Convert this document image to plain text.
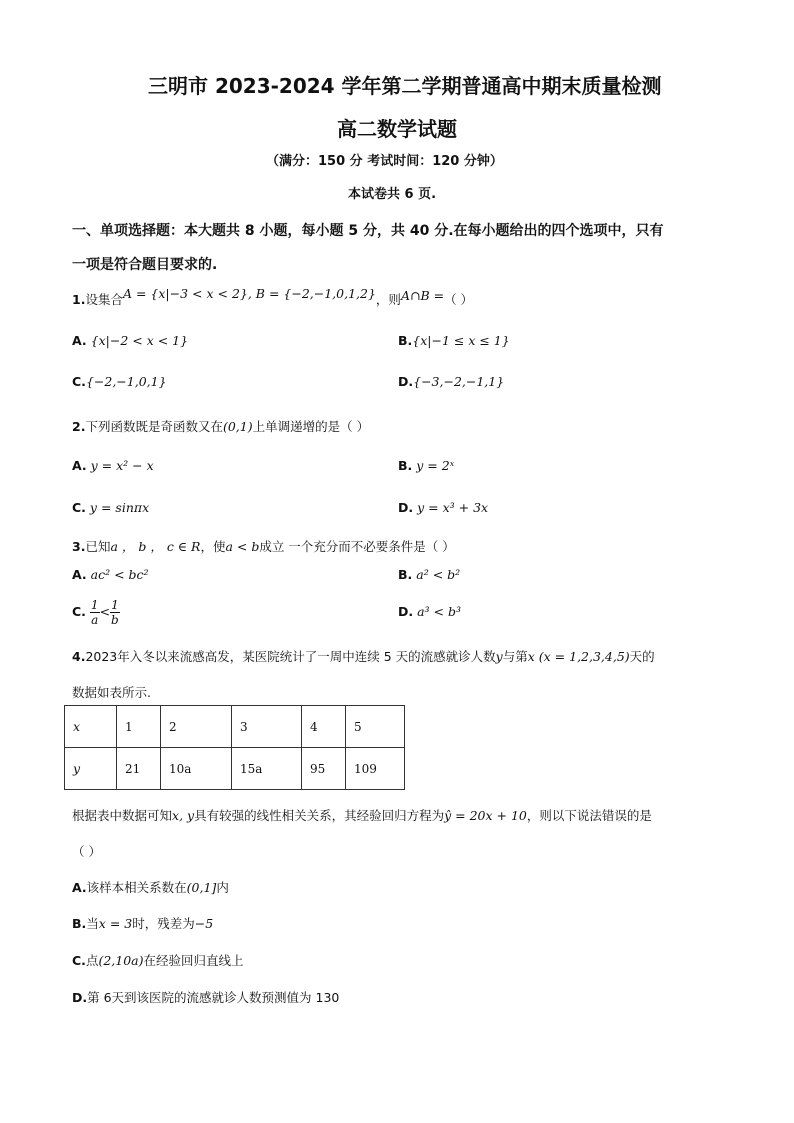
三明市 2023-2024 学年第二学期普通高中期末质量检测
高二数学试题
（满分：150 分 考试时间：120 分钟）
本试卷共 6 页.
一、单项选择题：本大题共 8 小题，每小题 5 分，共 40 分.在每小题给出的四个选项中，只有
一项是符合题目要求的.
1.设集合A = {x|−3 < x < 2}, B = {−2,−1,0,1,2}，则A∩B =（ ）
A. {x|−2 < x < 1}	B.{x|−1 ≤ x ≤ 1}
C.{−2,−1,0,1}	D.{−3,−2,−1,1}
2.下列函数既是奇函数又在(0,1)上单调递增的是（ ）
A. y = x² − x	B. y = 2ˣ
C. y = sinπx	D. y = x³ + 3x
3.已知a ， b ， c ∈ R，使a < b成立 一个充分而不必要条件是（ ）
A. ac² < bc²	B. a² < b²
C. $\frac{1}{a} < \frac{1}{b}$	D. a³ < b³
4.2023年入冬以来流感高发，某医院统计了一周中连续 5 天的流感就诊人数y与第x (x = 1,2,3,4,5)天的
数据如表所示.
x	1	2	3	4	5
y	21	10a	15a	95	109
根据表中数据可知x, y具有较强的线性相关关系，其经验回归方程为ŷ = 20x + 10，则以下说法错误的是
（ ）
A.该样本相关系数在(0,1]内
B.当x = 3时，残差为−5
C.点(2,10a)在经验回归直线上
D.第 6天到该医院的流感就诊人数预测值为 130
